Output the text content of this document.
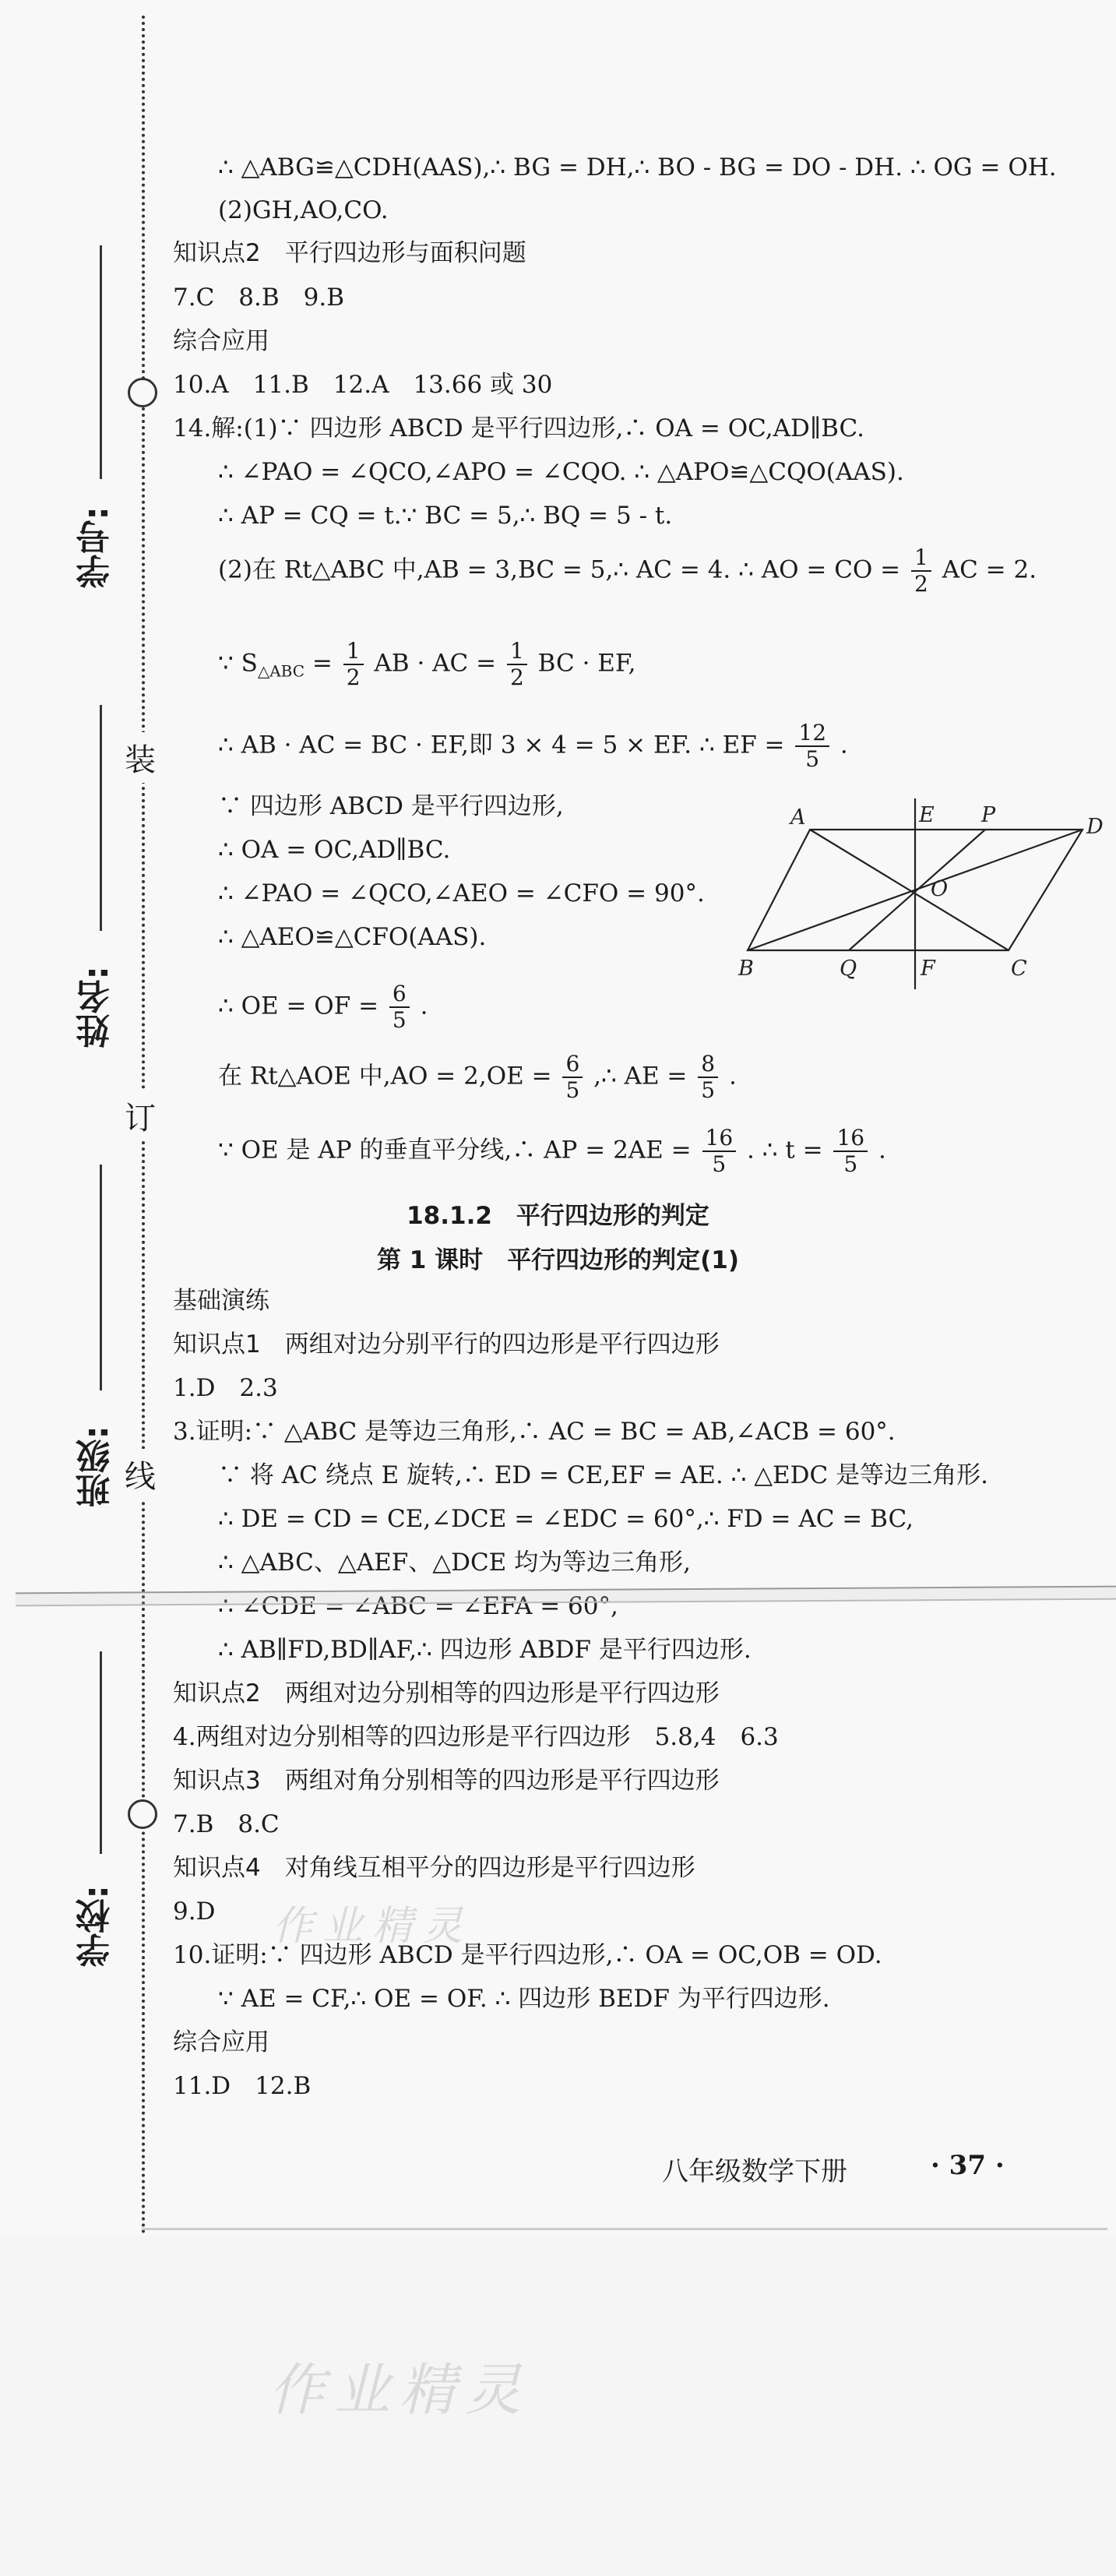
学号:
姓名:
班级:
学校:
装
订
线
∴ △ABG≌△CDH(AAS),∴ BG = DH,∴ BO - BG = DO - DH. ∴ OG = OH.
(2)GH,AO,CO.
知识点2　平行四边形与面积问题
7.C　8.B　9.B
综合应用
10.A　11.B　12.A　13.66 或 30
14.解:(1)∵ 四边形 ABCD 是平行四边形,∴ OA = OC,AD∥BC.
∴ ∠PAO = ∠QCO,∠APO = ∠CQO. ∴ △APO≌△CQO(AAS).
∴ AP = CQ = t.∵ BC = 5,∴ BQ = 5 - t.
(2)在 Rt△ABC 中,AB = 3,BC = 5,∴ AC = 4. ∴ AO = CO = $\frac{1}{2}$ AC = 2.
∵ $S_{\triangle ABC} = \frac{1}{2}$ AB · AC = $\frac{1}{2}$ BC · EF,
∴ AB · AC = BC · EF,即 3 × 4 = 5 × EF. ∴ EF = $\frac{12}{5}$ .
∵ 四边形 ABCD 是平行四边形,
∴ OA = OC,AD∥BC.
∴ ∠PAO = ∠QCO,∠AEO = ∠CFO = 90°.
∴ △AEO≌△CFO(AAS).
∴ OE = OF = $\frac{6}{5}$ .
在 Rt△AOE 中$,AO = 2,OE = \frac{6}{5}$ ,∴ AE = $\frac{8}{5}$ .
∵ OE 是 AP 的垂直平分线,∴ AP = $2AE = \frac{16}{5}$ . ∴ $t = \frac{16}{5}$ .
A	E P	D
O
B	Q	F	C
18.1.2　平行四边形的判定
第 1 课时　平行四边形的判定(1)
基础演练
知识点1　两组对边分别平行的四边形是平行四边形
1.D　2.3
3.证明:∵ △ABC 是等边三角形,∴ AC = BC = AB,∠ACB = 60°.
∵ 将 AC 绕点 E 旋转,∴ ED = CE,EF = AE. ∴ △EDC 是等边三角形.
∴ DE = CD = CE,∠DCE = ∠EDC = 60°,∴ FD = AC = BC,
∴ △ABC、△AEF、△DCE 均为等边三角形,
∴ ∠CDE = ∠ABC = ∠EFA = 60°,
∴ AB∥FD,BD∥AF,∴ 四边形 ABDF 是平行四边形.
知识点2　两组对边分别相等的四边形是平行四边形
4.两组对边分别相等的四边形是平行四边形　5.8,4　6.3
知识点3　两组对角分别相等的四边形是平行四边形
7.B　8.C
知识点4　对角线互相平分的四边形是平行四边形
9.D
10.证明:∵ 四边形 ABCD 是平行四边形,∴ OA = OC,OB = OD.
∵ AE = CF,∴ OE = OF. ∴ 四边形 BEDF 为平行四边形.
综合应用
11.D　12.B
作业精灵
八年级数学下册	· 37 ·
作业精灵
